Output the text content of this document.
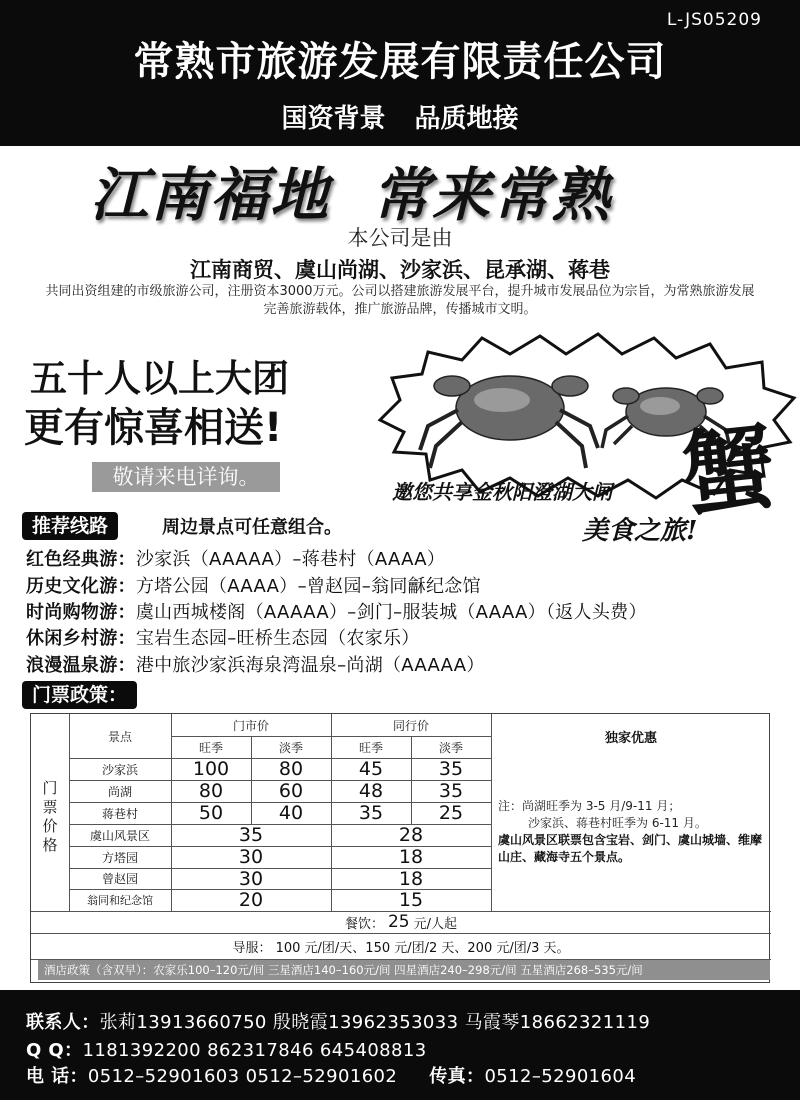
L-JS05209
常熟市旅游发展有限责任公司
国资背景 品质地接
江南福地 常来常熟
本公司是由
江南商贸、虞山尚湖、沙家浜、昆承湖、蒋巷
共同出资组建的市级旅游公司，注册资本3000万元。公司以搭建旅游发展平台，提升城市发展品位为宗旨，为常熟旅游发展完善旅游载体，推广旅游品牌，传播城市文明。
五十人以上大团
更有惊喜相送!
敬请来电详询。	蟹
邀您共享金秋阳澄湖大闸
美食之旅!
推荐线路	周边景点可任意组合。
红色经典游：沙家浜（AAAAA）–蒋巷村（AAAA）
历史文化游：方塔公园（AAAA）–曾赵园–翁同龢纪念馆
时尚购物游：虞山西城楼阁（AAAAA）–剑门–服装城（AAAA）（返人头费）
休闲乡村游：宝岩生态园–旺桥生态园（农家乐）
浪漫温泉游：港中旅沙家浜海泉湾温泉–尚湖（AAAAA）
门票政策：
门票价格
景点
门市价	同行价
旺季	淡季	旺季	淡季
独家优惠
沙家浜	100	80	45	35
尚湖	80	60	48	35
蒋巷村	50	40	35	25
虞山风景区	35	28
方塔园	30	18
曾赵园	30	18
翁同和纪念馆	20	15
餐饮： 25 元/人起
导服： 100 元/团/天、150 元/团/2 天、200 元/团/3 天。
注：尚湖旺季为 3-5 月/9-11 月；
沙家浜、蒋巷村旺季为 6-11 月。
虞山风景区联票包含宝岩、剑门、虞山城墙、维摩山庄、藏海寺五个景点。
酒店政策（含双早）：农家乐100–120元/间 三星酒店140–160元/间 四星酒店240–298元/间 五星酒店268–535元/间
联系人：张莉13913660750 殷晓霞13962353033 马霞琴18662321119
Q Q：1181392200 862317846 645408813
电 话：0512–52901603 0512–52901602 传真：0512–52901604
